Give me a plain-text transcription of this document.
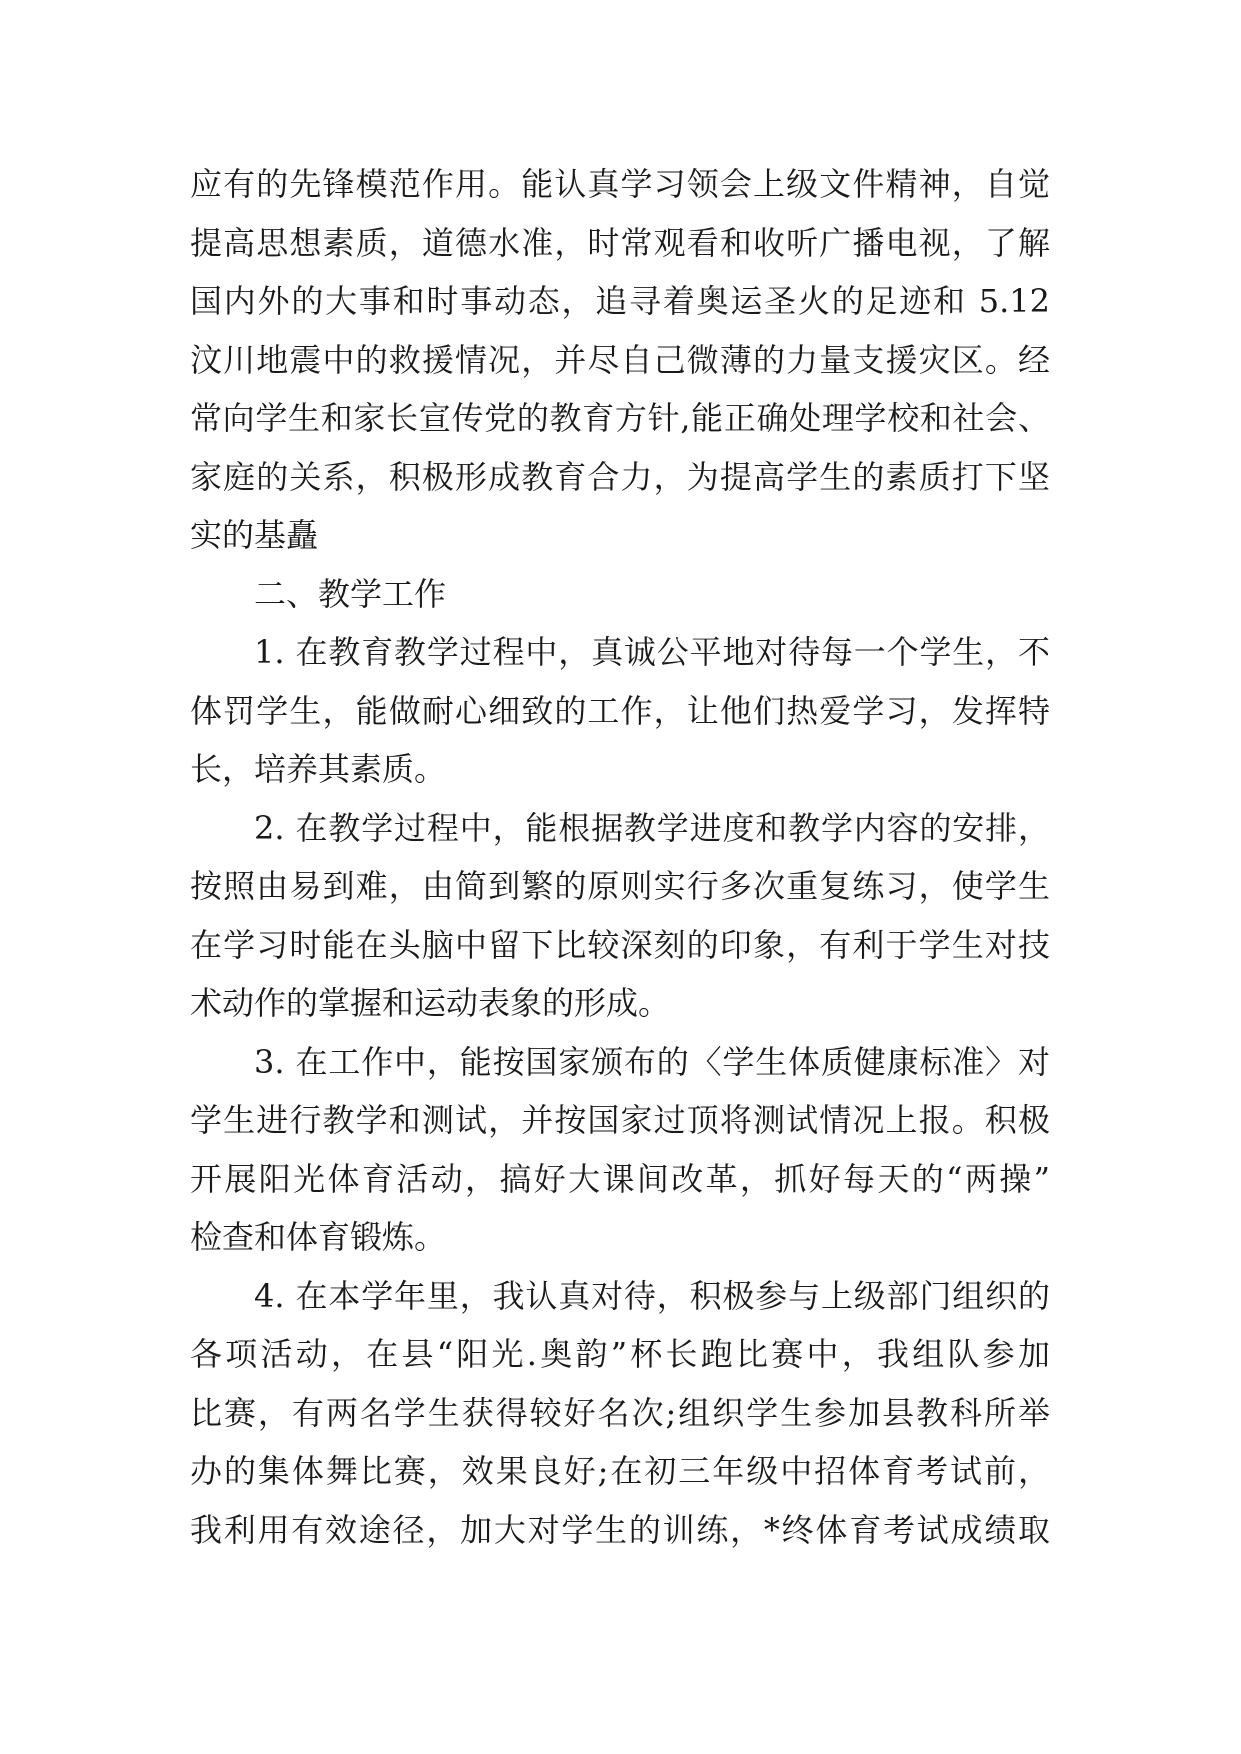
应有的先锋模范作用。能认真学习领会上级文件精神，自觉
提高思想素质，道德水准，时常观看和收听广播电视，了解
国内外的大事和时事动态，追寻着奥运圣火的足迹和 5.12
汶川地震中的救援情况，并尽自己微薄的力量支援灾区。经
常向学生和家长宣传党的教育方针,能正确处理学校和社会、
家庭的关系，积极形成教育合力，为提高学生的素质打下坚
实的基矗
二、教学工作
1. 在教育教学过程中，真诚公平地对待每一个学生，不
体罚学生，能做耐心细致的工作，让他们热爱学习，发挥特
长，培养其素质。
2. 在教学过程中，能根据教学进度和教学内容的安排，
按照由易到难，由简到繁的原则实行多次重复练习，使学生
在学习时能在头脑中留下比较深刻的印象，有利于学生对技
术动作的掌握和运动表象的形成。
3. 在工作中，能按国家颁布的〈学生体质健康标准〉对
学生进行教学和测试，并按国家过顶将测试情况上报。积极
开展阳光体育活动，搞好大课间改革，抓好每天的“两操”
检查和体育锻炼。
4. 在本学年里，我认真对待，积极参与上级部门组织的
各项活动，在县“阳光.奥韵”杯长跑比赛中，我组队参加
比赛，有两名学生获得较好名次;组织学生参加县教科所举
办的集体舞比赛，效果良好;在初三年级中招体育考试前，
我利用有效途径，加大对学生的训练，*终体育考试成绩取
